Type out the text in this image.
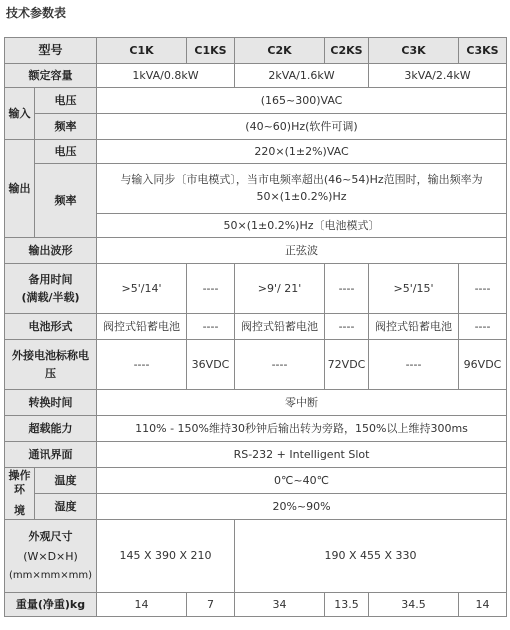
技术参数表
型号		C1K	C1KS	C2K	C2KS	C3K	C3KS
额定容量		1kVA/0.8kW		2kVA/1.6kW		3kVA/2.4kW	
输入	电压	(165~300)VAC					
	频率	(40~60)Hz(软件可调)					
输出	电压	220×(1±2%)VAC					
	频率	与输入同步〔市电模式〕，当市电频率超出(46~54)Hz范围时，输出频率为
50×(1±0.2%)Hz					

		50×(1±0.2%)Hz〔电池模式〕					
输出波形		正弦波					

备用时间
(满载/半载)		>5'/14'	----	>9'/ 21'	----	>5'/15'	----
电池形式		阀控式铅蓄电池	----	阀控式铅蓄电池	----	阀控式铅蓄电池	----

外接电池标称电
压		----	36VDC	----	72VDC	----	96VDC
转换时间		零中断					
超载能力		110% - 150%维持30秒钟后输出转为旁路，150%以上维持300ms					
通讯界面		RS-232 + Intelligent Slot					

操作环
境	温度	0℃~40℃					
	湿度	20%~90%					

外观尺寸
(W×D×H)
(mm×mm×mm)		145 X 390 X 210		190 X 455 X 330			
重量(净重)kg		14	7	34	13.5	34.5	14
